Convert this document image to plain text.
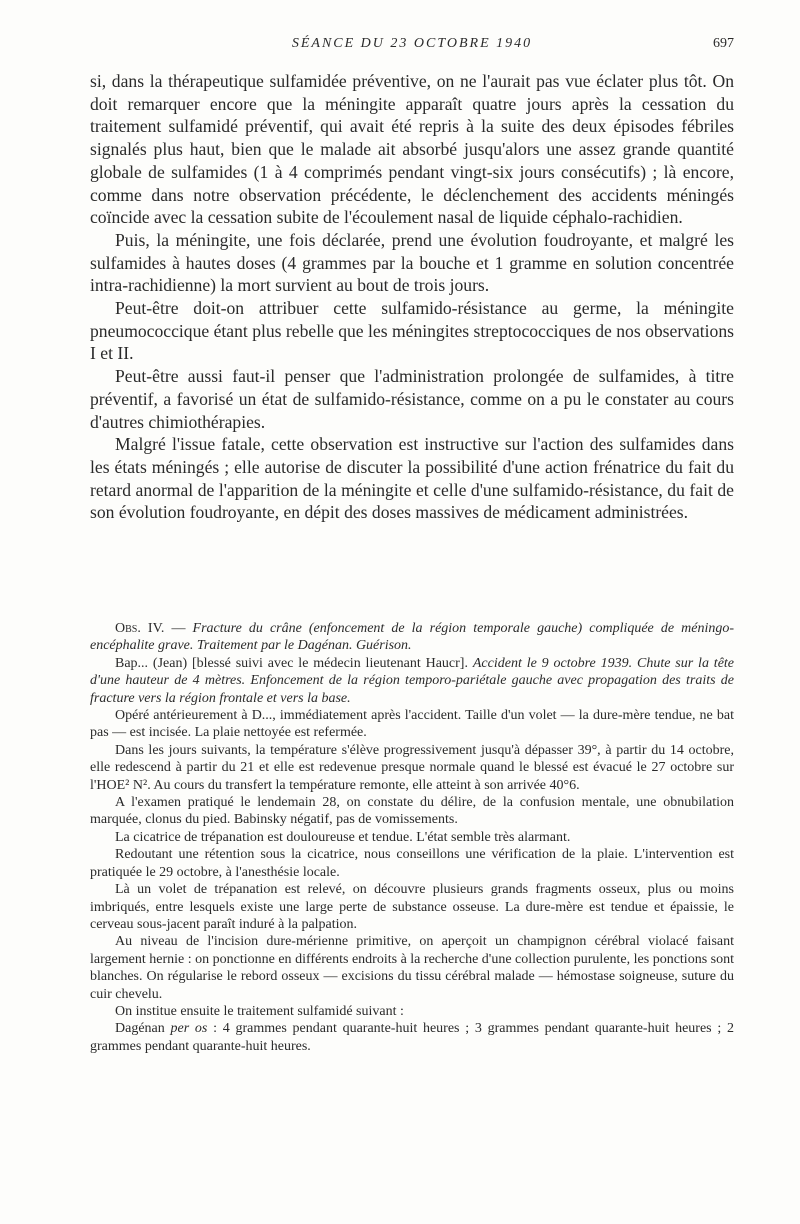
SÉANCE DU 23 OCTOBRE 1940	697

si, dans la thérapeutique sulfamidée préventive, on ne l'aurait pas vue éclater plus tôt. On doit remarquer encore que la méningite apparaît quatre jours après la cessation du traitement sulfamidé préventif, qui avait été repris à la suite des deux épisodes fébriles signalés plus haut, bien que le malade ait absorbé jusqu'alors une assez grande quantité globale de sulfamides (1 à 4 comprimés pendant vingt-six jours consécutifs) ; là encore, comme dans notre observation précédente, le déclenchement des accidents méningés coïncide avec la cessation subite de l'écoulement nasal de liquide céphalo-rachidien.

Puis, la méningite, une fois déclarée, prend une évolution foudroyante, et malgré les sulfamides à hautes doses (4 grammes par la bouche et 1 gramme en solution concentrée intra-rachidienne) la mort survient au bout de trois jours.

Peut-être doit-on attribuer cette sulfamido-résistance au germe, la méningite pneumococcique étant plus rebelle que les méningites streptococciques de nos observations I et II.

Peut-être aussi faut-il penser que l'administration prolongée de sulfamides, à titre préventif, a favorisé un état de sulfamido-résistance, comme on a pu le constater au cours d'autres chimiothérapies.

Malgré l'issue fatale, cette observation est instructive sur l'action des sulfamides dans les états méningés ; elle autorise de discuter la possibilité d'une action frénatrice du fait du retard anormal de l'apparition de la méningite et celle d'une sulfamido-résistance, du fait de son évolution foudroyante, en dépit des doses massives de médicament administrées.

Obs. IV. — Fracture du crâne (enfoncement de la région temporale gauche) compliquée de méningo-encéphalite grave. Traitement par le Dagénan. Guérison.

Bap... (Jean) [blessé suivi avec le médecin lieutenant Haucr]. Accident le 9 octobre 1939. Chute sur la tête d'une hauteur de 4 mètres. Enfoncement de la région temporo-pariétale gauche avec propagation des traits de fracture vers la région frontale et vers la base.

Opéré antérieurement à D..., immédiatement après l'accident. Taille d'un volet — la dure-mère tendue, ne bat pas — est incisée. La plaie nettoyée est refermée.

Dans les jours suivants, la température s'élève progressivement jusqu'à dépasser 39°, à partir du 14 octobre, elle redescend à partir du 21 et elle est redevenue presque normale quand le blessé est évacué le 27 octobre sur l'HOE² N². Au cours du transfert la température remonte, elle atteint à son arrivée 40°6.

A l'examen pratiqué le lendemain 28, on constate du délire, de la confusion mentale, une obnubilation marquée, clonus du pied. Babinsky négatif, pas de vomissements.

La cicatrice de trépanation est douloureuse et tendue. L'état semble très alarmant.

Redoutant une rétention sous la cicatrice, nous conseillons une vérification de la plaie. L'intervention est pratiquée le 29 octobre, à l'anesthésie locale.

Là un volet de trépanation est relevé, on découvre plusieurs grands fragments osseux, plus ou moins imbriqués, entre lesquels existe une large perte de substance osseuse. La dure-mère est tendue et épaissie, le cerveau sous-jacent paraît induré à la palpation.

Au niveau de l'incision dure-mérienne primitive, on aperçoit un champignon cérébral violacé faisant largement hernie : on ponctionne en différents endroits à la recherche d'une collection purulente, les ponctions sont blanches. On régularise le rebord osseux — excisions du tissu cérébral malade — hémostase soigneuse, suture du cuir chevelu.

On institue ensuite le traitement sulfamidé suivant :

Dagénan per os : 4 grammes pendant quarante-huit heures ; 3 grammes pendant quarante-huit heures ; 2 grammes pendant quarante-huit heures.
